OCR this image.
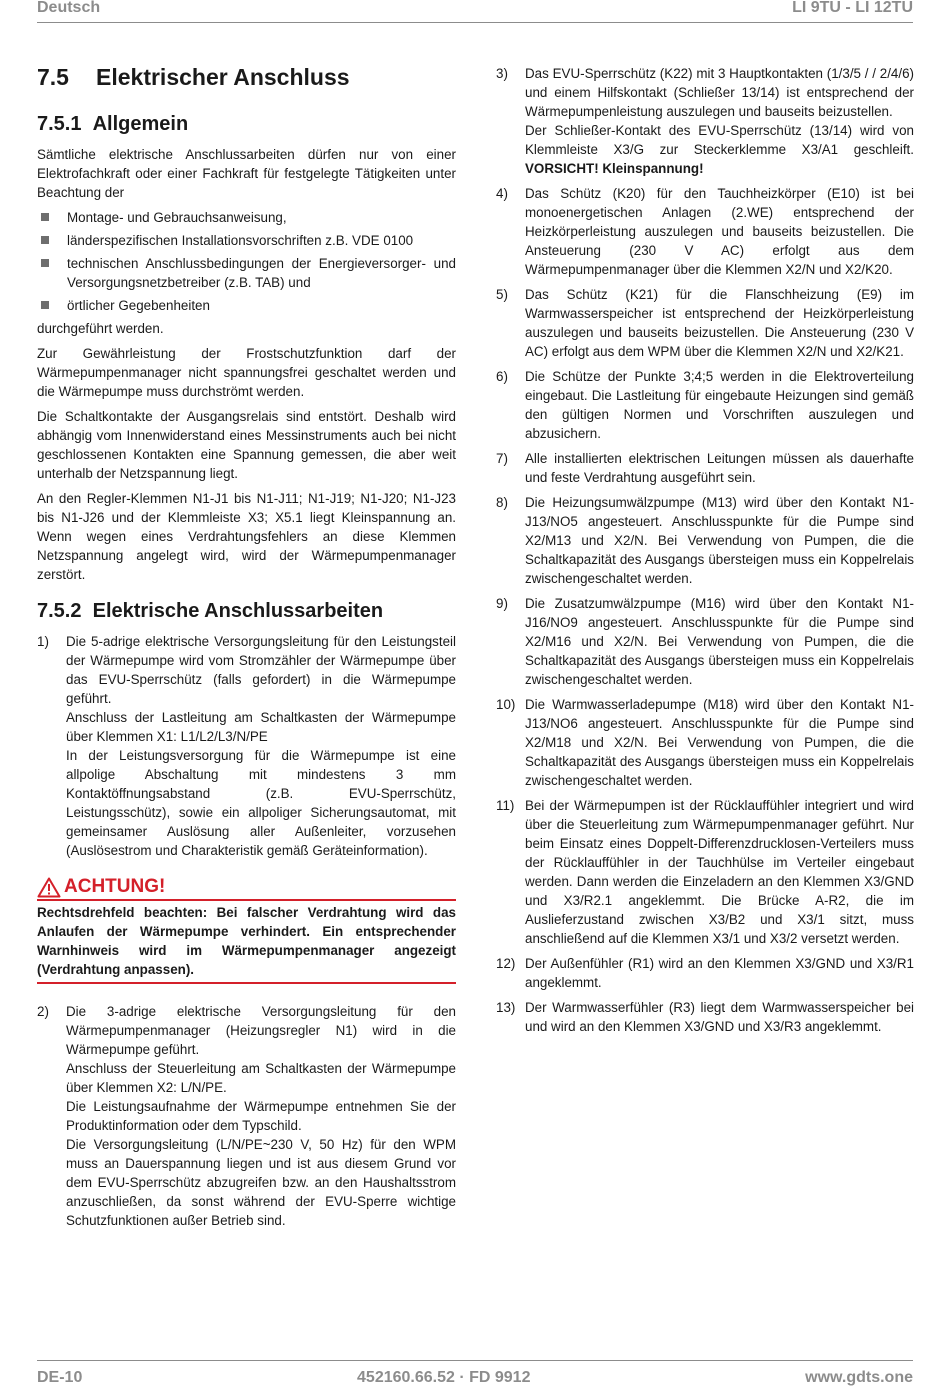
Deutsch	LI 9TU - LI 12TU
7.5 Elektrischer Anschluss
7.5.1 Allgemein

Sämtliche elektrische Anschlussarbeiten dürfen nur von einer Elektrofachkraft oder einer Fachkraft für festgelegte Tätigkeiten unter Beachtung der

Montage- und Gebrauchsanweisung,
länderspezifischen Installationsvorschriften z.B. VDE 0100
technischen Anschlussbedingungen der Energieversorger- und Versorgungsnetzbetreiber (z.B. TAB) und
örtlicher Gegebenheiten

durchgeführt werden.

Zur Gewährleistung der Frostschutzfunktion darf der Wärmepumpenmanager nicht spannungsfrei geschaltet werden und die Wärmepumpe muss durchströmt werden.

Die Schaltkontakte der Ausgangsrelais sind entstört. Deshalb wird abhängig vom Innenwiderstand eines Messinstruments auch bei nicht geschlossenen Kontakten eine Spannung gemessen, die aber weit unterhalb der Netzspannung liegt.

An den Regler-Klemmen N1-J1 bis N1-J11; N1-J19; N1-J20; N1-J23 bis N1-J26 und der Klemmleiste X3; X5.1 liegt Kleinspannung an. Wenn wegen eines Verdrahtungsfehlers an diese Klemmen Netzspannung angelegt wird, wird der Wärmepumpenmanager zerstört.

7.5.2 Elektrische Anschlussarbeiten
1) Die 5-adrige elektrische Versorgungsleitung für den Leistungsteil der Wärmepumpe wird vom Stromzähler der Wärmepumpe über das EVU-Sperrschütz (falls gefordert) in die Wärmepumpe geführt.
Anschluss der Lastleitung am Schaltkasten der Wärmepumpe über Klemmen X1: L1/L2/L3/N/PE
In der Leistungsversorgung für die Wärmepumpe ist eine allpolige Abschaltung mit mindestens 3 mm Kontaktöffnungsabstand (z.B. EVU-Sperrschütz, Leistungsschütz), sowie ein allpoliger Sicherungsautomat, mit gemeinsamer Auslösung aller Außenleiter, vorzusehen (Auslösestrom und Charakteristik gemäß Geräteinformation).
ACHTUNG!
Rechtsdrehfeld beachten: Bei falscher Verdrahtung wird das Anlaufen der Wärmepumpe verhindert. Ein entsprechender Warnhinweis wird im Wärmepumpenmanager angezeigt (Verdrahtung anpassen).
2) Die 3-adrige elektrische Versorgungsleitung für den Wärmepumpenmanager (Heizungsregler N1) wird in die Wärmepumpe geführt.
Anschluss der Steuerleitung am Schaltkasten der Wärmepumpe über Klemmen X2: L/N/PE.
Die Leistungsaufnahme der Wärmepumpe entnehmen Sie der Produktinformation oder dem Typschild.
Die Versorgungsleitung (L/N/PE~230 V, 50 Hz) für den WPM muss an Dauerspannung liegen und ist aus diesem Grund vor dem EVU-Sperrschütz abzugreifen bzw. an den Haushaltsstrom anzuschließen, da sonst während der EVU-Sperre wichtige Schutzfunktionen außer Betrieb sind.
3) Das EVU-Sperrschütz (K22) mit 3 Hauptkontakten (1/3/5 / / 2/4/6) und einem Hilfskontakt (Schließer 13/14) ist entsprechend der Wärmepumpenleistung auszulegen und bauseits beizustellen.
Der Schließer-Kontakt des EVU-Sperrschütz (13/14) wird von Klemmleiste X3/G zur Steckerklemme X3/A1 geschleift. VORSICHT! Kleinspannung!
4) Das Schütz (K20) für den Tauchheizkörper (E10) ist bei monoenergetischen Anlagen (2.WE) entsprechend der Heizkörperleistung auszulegen und bauseits beizustellen. Die Ansteuerung (230 V AC) erfolgt aus dem Wärmepumpenmanager über die Klemmen X2/N und X2/K20.
5) Das Schütz (K21) für die Flanschheizung (E9) im Warmwasserspeicher ist entsprechend der Heizkörperleistung auszulegen und bauseits beizustellen. Die Ansteuerung (230 V AC) erfolgt aus dem WPM über die Klemmen X2/N und X2/K21.
6) Die Schütze der Punkte 3;4;5 werden in die Elektroverteilung eingebaut. Die Lastleitung für eingebaute Heizungen sind gemäß den gültigen Normen und Vorschriften auszulegen und abzusichern.
7) Alle installierten elektrischen Leitungen müssen als dauerhafte und feste Verdrahtung ausgeführt sein.
8) Die Heizungsumwälzpumpe (M13) wird über den Kontakt N1-J13/NO5 angesteuert. Anschlusspunkte für die Pumpe sind X2/M13 und X2/N. Bei Verwendung von Pumpen, die die Schaltkapazität des Ausgangs übersteigen muss ein Koppelrelais zwischengeschaltet werden.
9) Die Zusatzumwälzpumpe (M16) wird über den Kontakt N1-J16/NO9 angesteuert. Anschlusspunkte für die Pumpe sind X2/M16 und X2/N. Bei Verwendung von Pumpen, die die Schaltkapazität des Ausgangs übersteigen muss ein Koppelrelais zwischengeschaltet werden.
10) Die Warmwasserladepumpe (M18) wird über den Kontakt N1-J13/NO6 angesteuert. Anschlusspunkte für die Pumpe sind X2/M18 und X2/N. Bei Verwendung von Pumpen, die die Schaltkapazität des Ausgangs übersteigen muss ein Koppelrelais zwischengeschaltet werden.
11) Bei der Wärmepumpen ist der Rücklauffühler integriert und wird über die Steuerleitung zum Wärmepumpenmanager geführt. Nur beim Einsatz eines Doppelt-Differenzdrucklosen-Verteilers muss der Rücklauffühler in der Tauchhülse im Verteiler eingebaut werden. Dann werden die Einzeladern an den Klemmen X3/GND und X3/R2.1 angeklemmt. Die Brücke A-R2, die im Auslieferzustand zwischen X3/B2 und X3/1 sitzt, muss anschließend auf die Klemmen X3/1 und X3/2 versetzt werden.
12) Der Außenfühler (R1) wird an den Klemmen X3/GND und X3/R1 angeklemmt.
13) Der Warmwasserfühler (R3) liegt dem Warmwasserspeicher bei und wird an den Klemmen X3/GND und X3/R3 angeklemmt.
DE-10	452160.66.52 · FD 9912	www.gdts.one
